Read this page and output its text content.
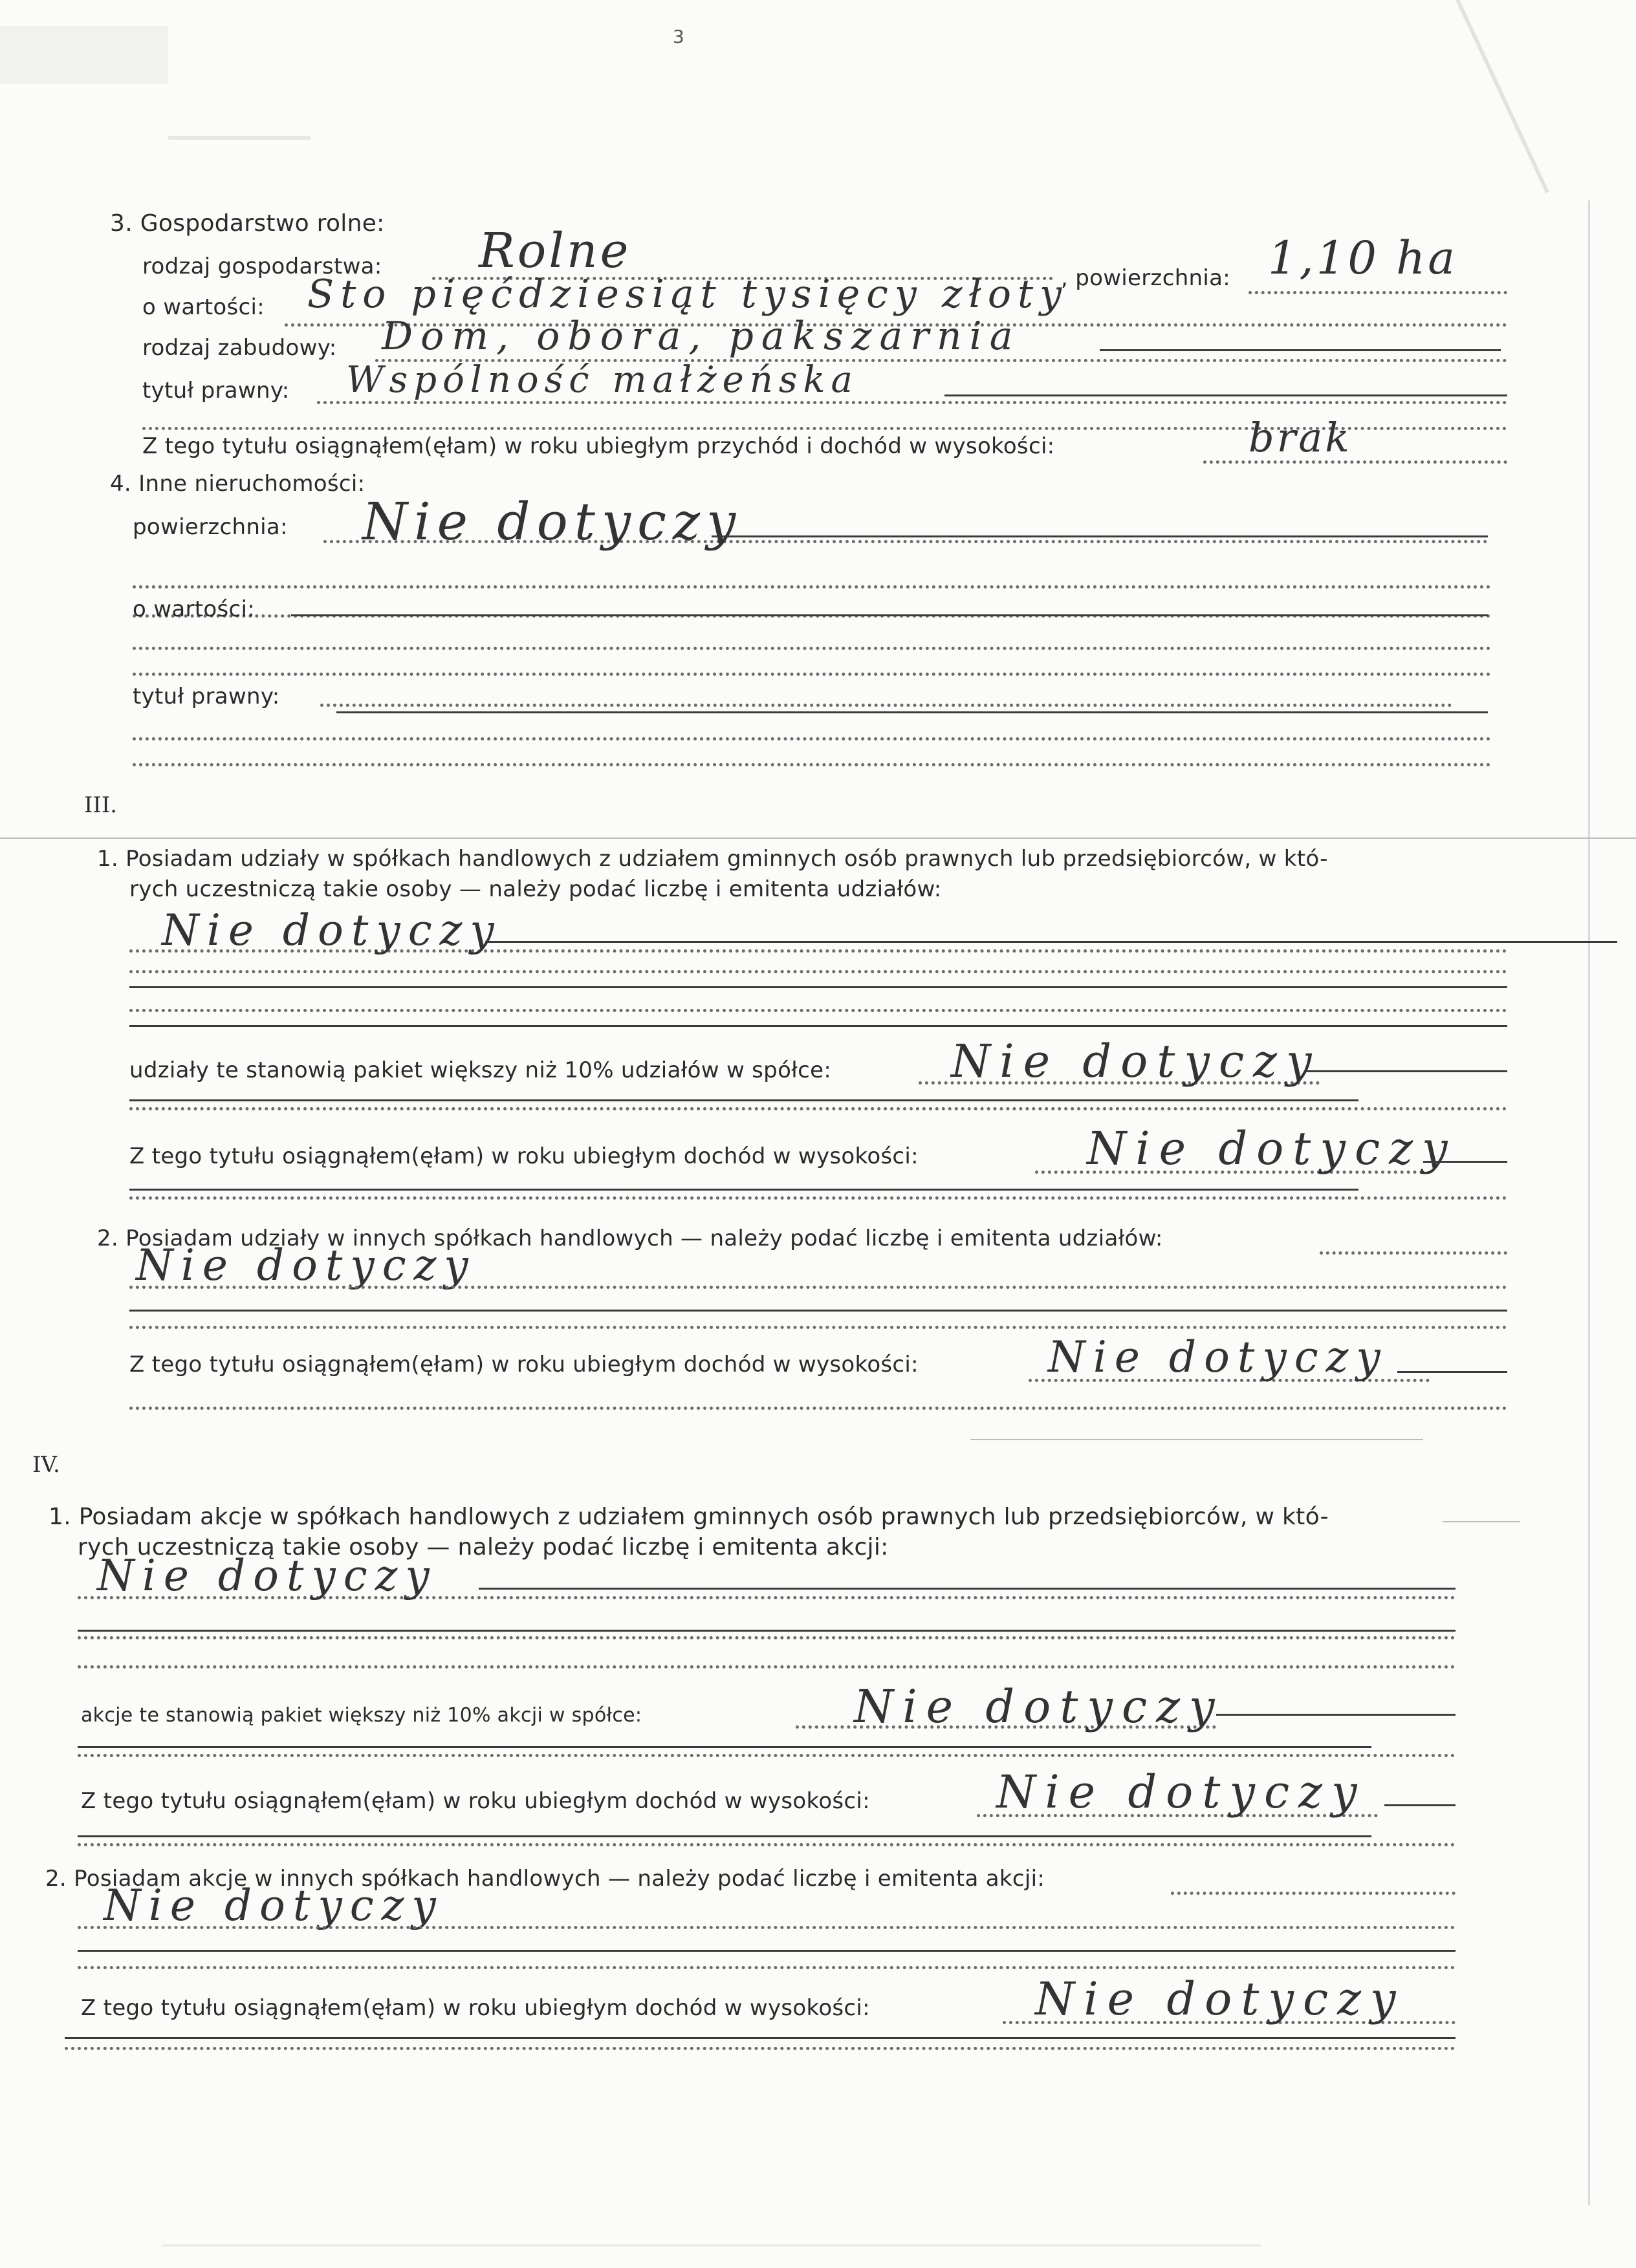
3
3. Gospodarstwo rolne:
rodzaj gospodarstwa: Rolne	, powierzchnia: 1,10 ha
o wartości: Sto pięćdziesiąt tysięcy złoty
rodzaj zabudowy: Dom, obora, pakszarnia
tytuł prawny: Wspólność małżeńska
Z tego tytułu osiągnąłem(ęłam) w roku ubiegłym przychód i dochód w wysokości:	brak
4. Inne nieruchomości:
powierzchnia: Nie dotyczy
o wartości:
tytuł prawny:
III.
1. Posiadam udziały w spółkach handlowych z udziałem gminnych osób prawnych lub przedsiębiorców, w któ-
rych uczestniczą takie osoby — należy podać liczbę i emitenta udziałów:
Nie dotyczy
udziały te stanowią pakiet większy niż 10% udziałów w spółce:	Nie dotyczy
Z tego tytułu osiągnąłem(ęłam) w roku ubiegłym dochód w wysokości:	Nie dotyczy
2. Posiadam udziały w innych spółkach handlowych — należy podać liczbę i emitenta udziałów:
Nie dotyczy
Z tego tytułu osiągnąłem(ęłam) w roku ubiegłym dochód w wysokości:	Nie dotyczy
IV.
1. Posiadam akcje w spółkach handlowych z udziałem gminnych osób prawnych lub przedsiębiorców, w któ-
rych uczestniczą takie osoby — należy podać liczbę i emitenta akcji:
Nie dotyczy
akcje te stanowią pakiet większy niż 10% akcji w spółce:	Nie dotyczy
Z tego tytułu osiągnąłem(ęłam) w roku ubiegłym dochód w wysokości:	Nie dotyczy
2. Posiadam akcje w innych spółkach handlowych — należy podać liczbę i emitenta akcji:
Nie dotyczy
Z tego tytułu osiągnąłem(ęłam) w roku ubiegłym dochód w wysokości:	Nie dotyczy
